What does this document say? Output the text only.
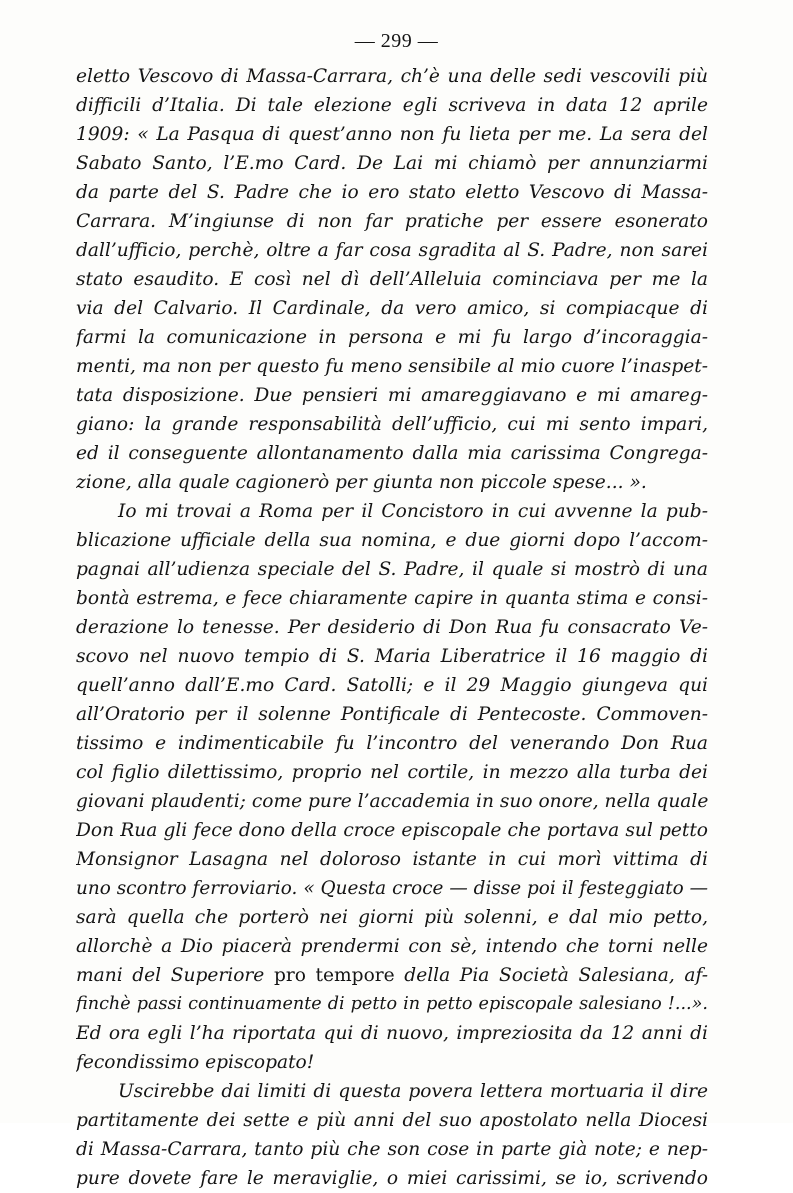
— 299 —
eletto Vescovo di Massa-Carrara, ch’è una delle sedi vescovili più
difficili d’Italia. Di tale elezione egli scriveva in data 12 aprile
1909: « La Pasqua di quest’anno non fu lieta per me. La sera del
Sabato Santo, l’E.mo Card. De Lai mi chiamò per annunziarmi
da parte del S. Padre che io ero stato eletto Vescovo di Massa-
Carrara. M’ingiunse di non far pratiche per essere esonerato
dall’ufficio, perchè, oltre a far cosa sgradita al S. Padre, non sarei
stato esaudito. E così nel dì dell’Alleluia cominciava per me la
via del Calvario. Il Cardinale, da vero amico, si compiacque di
farmi la comunicazione in persona e mi fu largo d’incoraggia-
menti, ma non per questo fu meno sensibile al mio cuore l’inaspet-
tata disposizione. Due pensieri mi amareggiavano e mi amareg-
giano: la grande responsabilità dell’ufficio, cui mi sento impari,
ed il conseguente allontanamento dalla mia carissima Congrega-
zione, alla quale cagionerò per giunta non piccole spese... ».
Io mi trovai a Roma per il Concistoro in cui avvenne la pub-
blicazione ufficiale della sua nomina, e due giorni dopo l’accom-
pagnai all’udienza speciale del S. Padre, il quale si mostrò di una
bontà estrema, e fece chiaramente capire in quanta stima e consi-
derazione lo tenesse. Per desiderio di Don Rua fu consacrato Ve-
scovo nel nuovo tempio di S. Maria Liberatrice il 16 maggio di
quell’anno dall’E.mo Card. Satolli; e il 29 Maggio giungeva qui
all’Oratorio per il solenne Pontificale di Pentecoste. Commoven-
tissimo e indimenticabile fu l’incontro del venerando Don Rua
col figlio dilettissimo, proprio nel cortile, in mezzo alla turba dei
giovani plaudenti; come pure l’accademia in suo onore, nella quale
Don Rua gli fece dono della croce episcopale che portava sul petto
Monsignor Lasagna nel doloroso istante in cui morì vittima di
uno scontro ferroviario. « Questa croce — disse poi il festeggiato —
sarà quella che porterò nei giorni più solenni, e dal mio petto,
allorchè a Dio piacerà prendermi con sè, intendo che torni nelle
mani del Superiore pro tempore della Pia Società Salesiana, af-
finchè passi continuamente di petto in petto episcopale salesiano !...».
Ed ora egli l’ha riportata qui di nuovo, impreziosita da 12 anni di
fecondissimo episcopato!
Uscirebbe dai limiti di questa povera lettera mortuaria il dire
partitamente dei sette e più anni del suo apostolato nella Diocesi
di Massa-Carrara, tanto più che son cose in parte già note; e nep-
pure dovete fare le meraviglie, o miei carissimi, se io, scrivendo
